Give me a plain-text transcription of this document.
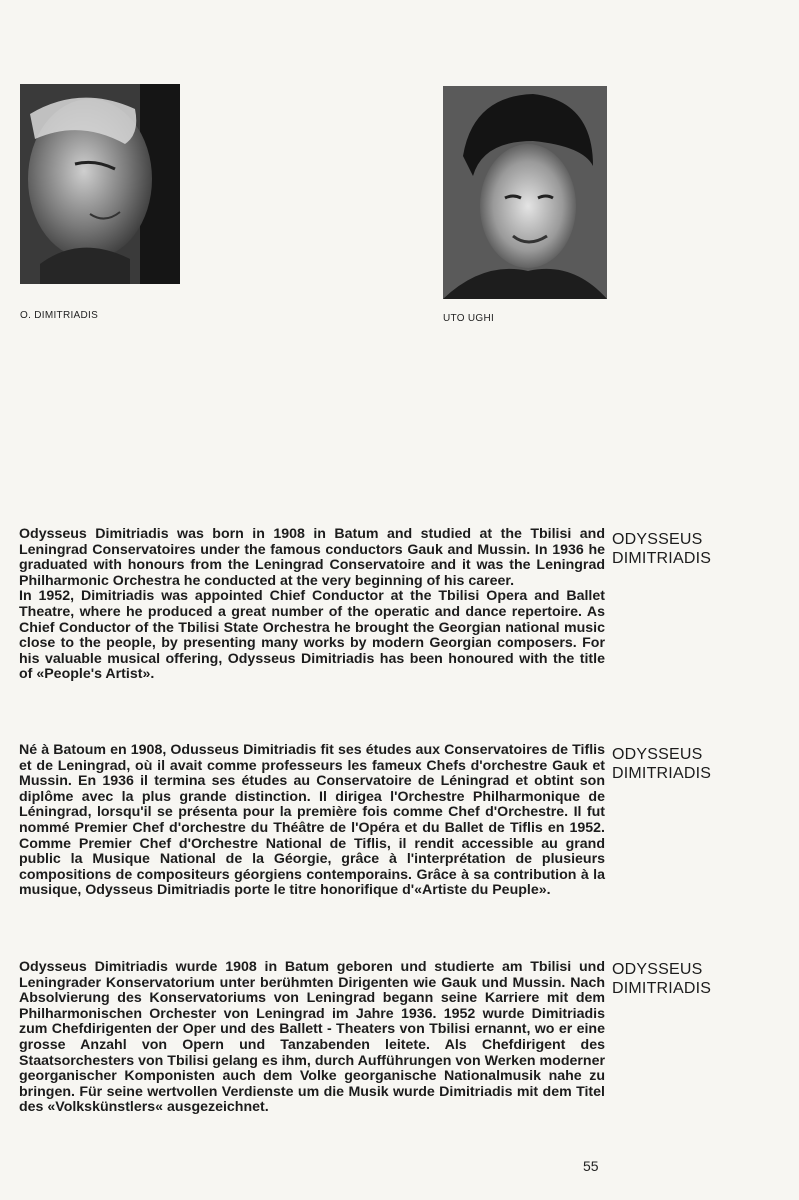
O. DIMITRIADIS	UTO UGHI
Odysseus Dimitriadis was born in 1908 in Batum and studied at the Tbilisi and Leningrad Conservatoires under the famous conductors Gauk and Mussin. In 1936 he graduated with honours from the Leningrad Conservatoire and it was the Leningrad Philharmonic Orchestra he conducted at the very beginning of his career.
In 1952, Dimitriadis was appointed Chief Conductor at the Tbilisi Opera and Ballet Theatre, where he produced a great number of the operatic and dance repertoire. As Chief Conductor of the Tbilisi State Orchestra he brought the Georgian national music close to the people, by presenting many works by modern Georgian composers. For his valuable musical offering, Odysseus Dimitriadis has been honoured with the title of «People's Artist».
ODYSSEUS
DIMITRIADIS
Né à Batoum en 1908, Odusseus Dimitriadis fit ses études aux Conservatoires de Tiflis et de Leningrad, où il avait comme professeurs les fameux Chefs d'orchestre Gauk et Mussin. En 1936 il termina ses études au Conservatoire de Léningrad et obtint son diplôme avec la plus grande distinction. Il dirigea l'Orchestre Philharmonique de Léningrad, lorsqu'il se présenta pour la première fois comme Chef d'Orchestre. Il fut nommé Premier Chef d'orchestre du Théâtre de l'Opéra et du Ballet de Tiflis en 1952. Comme Premier Chef d'Orchestre National de Tiflis, il rendit accessible au grand public la Musique National de la Géorgie, grâce à l'interprétation de plusieurs compositions de compositeurs géorgiens contemporains. Grâce à sa contribution à la musique, Odysseus Dimitriadis porte le titre honorifique d'«Artiste du Peuple».
ODYSSEUS
DIMITRIADIS
Odysseus Dimitriadis wurde 1908 in Batum geboren und studierte am Tbilisi und Leningrader Konservatorium unter berühmten Dirigenten wie Gauk und Mussin. Nach Absolvierung des Konservatoriums von Leningrad begann seine Karriere mit dem Philharmonischen Orchester von Leningrad im Jahre 1936. 1952 wurde Dimitriadis zum Chefdirigenten der Oper und des Ballett - Theaters von Tbilisi ernannt, wo er eine grosse Anzahl von Opern und Tanzabenden leitete. Als Chefdirigent des Staatsorchesters von Tbilisi gelang es ihm, durch Aufführungen von Werken moderner georganischer Komponisten auch dem Volke georganische Nationalmusik nahe zu bringen. Für seine wertvollen Verdienste um die Musik wurde Dimitriadis mit dem Titel des «Volkskünstlers« ausgezeichnet.
ODYSSEUS
DIMITRIADIS
55
